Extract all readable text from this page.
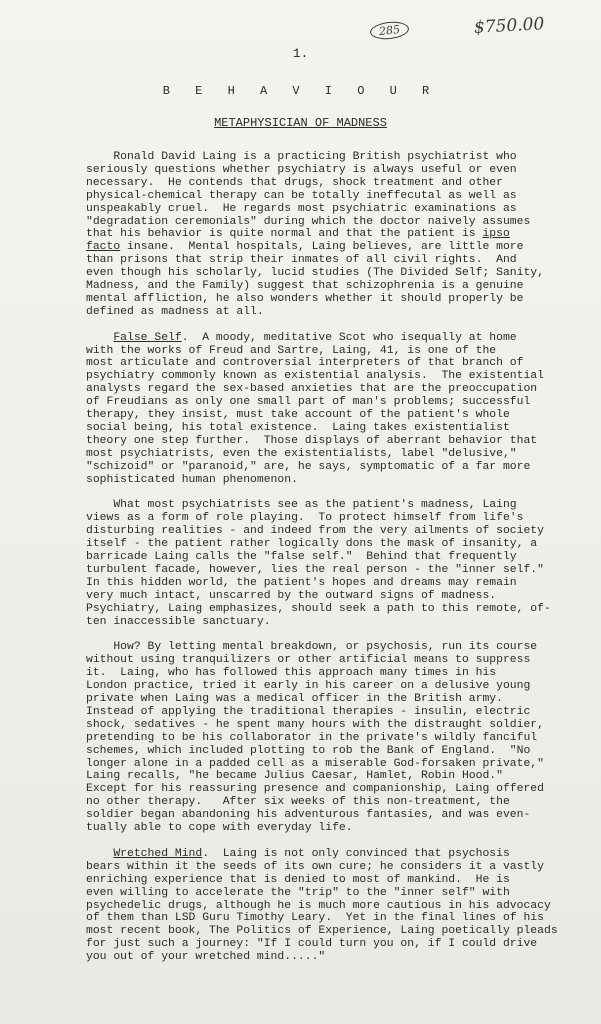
285	$750.00
1.
B E H A V I O U R
METAPHYSICIAN OF MADNESS

Ronald David Laing is a practicing British psychiatrist who
seriously questions whether psychiatry is always useful or even
necessary.  He contends that drugs, shock treatment and other
physical-chemical therapy can be totally ineffecutal as well as
unspeakably cruel.  He regards most psychiatric examinations as
"degradation ceremonials" during which the doctor naively assumes
that his behavior is quite normal and that the patient is ipso
facto insane.  Mental hospitals, Laing believes, are little more
than prisons that strip their inmates of all civil rights.  And
even though his scholarly, lucid studies (The Divided Self; Sanity,
Madness, and the Family) suggest that schizophrenia is a genuine
mental affliction, he also wonders whether it should properly be
defined as madness at all.

False Self.  A moody, meditative Scot who isequally at home
with the works of Freud and Sartre, Laing, 41, is one of the
most articulate and controversial interpreters of that branch of
psychiatry commonly known as existential analysis.  The existential
analysts regard the sex-based anxieties that are the preoccupation
of Freudians as only one small part of man's problems; successful
therapy, they insist, must take account of the patient's whole
social being, his total existence.  Laing takes existentialist
theory one step further.  Those displays of aberrant behavior that
most psychiatrists, even the existentialists, label "delusive,"
"schizoid" or "paranoid," are, he says, symptomatic of a far more
sophisticated human phenomenon.

What most psychiatrists see as the patient's madness, Laing
views as a form of role playing.  To protect himself from life's
disturbing realities - and indeed from the very ailments of society
itself - the patient rather logically dons the mask of insanity, a
barricade Laing calls the "false self."  Behind that frequently
turbulent facade, however, lies the real person - the "inner self."
In this hidden world, the patient's hopes and dreams may remain
very much intact, unscarred by the outward signs of madness.
Psychiatry, Laing emphasizes, should seek a path to this remote, of-
ten inaccessible sanctuary.

How? By letting mental breakdown, or psychosis, run its course
without using tranquilizers or other artificial means to suppress
it.  Laing, who has followed this approach many times in his
London practice, tried it early in his career on a delusive young
private when Laing was a medical officer in the British army.
Instead of applying the traditional therapies - insulin, electric
shock, sedatives - he spent many hours with the distraught soldier,
pretending to be his collaborator in the private's wildly fanciful
schemes, which included plotting to rob the Bank of England.  "No
longer alone in a padded cell as a miserable God-forsaken private,"
Laing recalls, "he became Julius Caesar, Hamlet, Robin Hood."
Except for his reassuring presence and companionship, Laing offered
no other therapy.   After six weeks of this non-treatment, the
soldier began abandoning his adventurous fantasies, and was even-
tually able to cope with everyday life.

Wretched Mind.  Laing is not only convinced that psychosis
bears within it the seeds of its own cure; he considers it a vastly
enriching experience that is denied to most of mankind.  He is
even willing to accelerate the "trip" to the "inner self" with
psychedelic drugs, although he is much more cautious in his advocacy
of them than LSD Guru Timothy Leary.  Yet in the final lines of his
most recent book, The Politics of Experience, Laing poetically pleads
for just such a journey: "If I could turn you on, if I could drive
you out of your wretched mind....."
